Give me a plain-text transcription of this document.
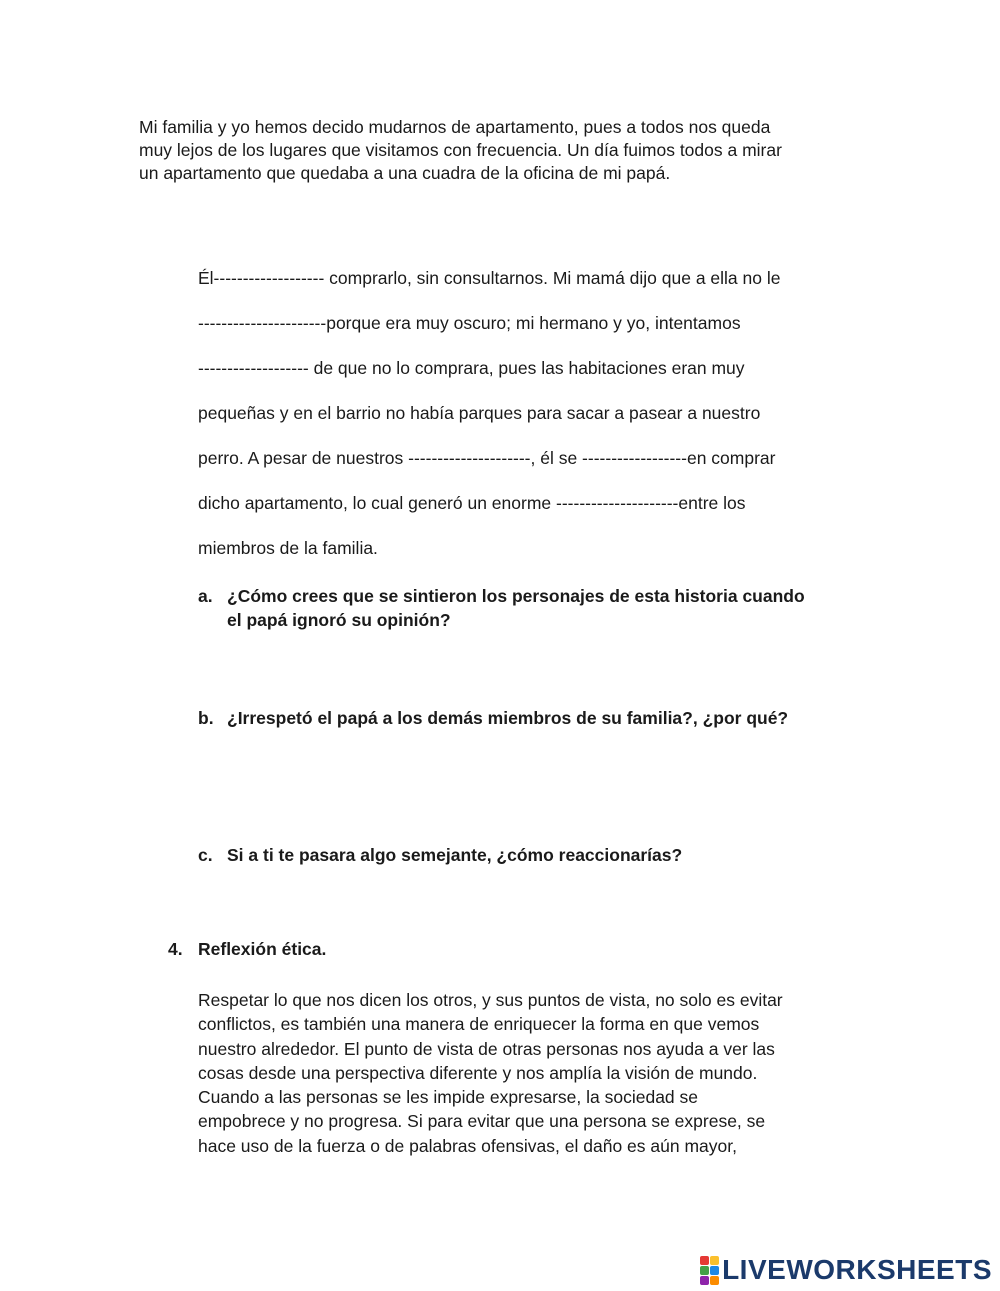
Mi familia y yo hemos decido mudarnos de apartamento, pues a todos nos queda
muy lejos de los lugares que visitamos con frecuencia. Un día fuimos todos a mirar
un apartamento que quedaba a una cuadra de la oficina de mi papá.
Él------------------- comprarlo, sin consultarnos. Mi mamá dijo que a ella no le
----------------------porque era muy oscuro; mi hermano y yo, intentamos
------------------- de que no lo comprara, pues las habitaciones eran muy
pequeñas y en el barrio no había parques para sacar a pasear a nuestro
perro. A pesar de nuestros ---------------------, él se ------------------en comprar
dicho apartamento, lo cual generó un enorme ---------------------entre los
miembros de la familia.
a. ¿Cómo crees que se sintieron los personajes de esta historia cuando
el papá ignoró su opinión?
b. ¿Irrespetó el papá a los demás miembros de su familia?, ¿por qué?
c. Si a ti te pasara algo semejante, ¿cómo reaccionarías?
4. Reflexión ética.
Respetar lo que nos dicen los otros, y sus puntos de vista, no solo es evitar
conflictos, es también una manera de enriquecer la forma en que vemos
nuestro alrededor. El punto de vista de otras personas nos ayuda a ver las
cosas desde una perspectiva diferente y nos amplía la visión de mundo.
Cuando a las personas se les impide expresarse, la sociedad se
empobrece y no progresa. Si para evitar que una persona se exprese, se
hace uso de la fuerza o de palabras ofensivas, el daño es aún mayor,
LIVEWORKSHEETS
